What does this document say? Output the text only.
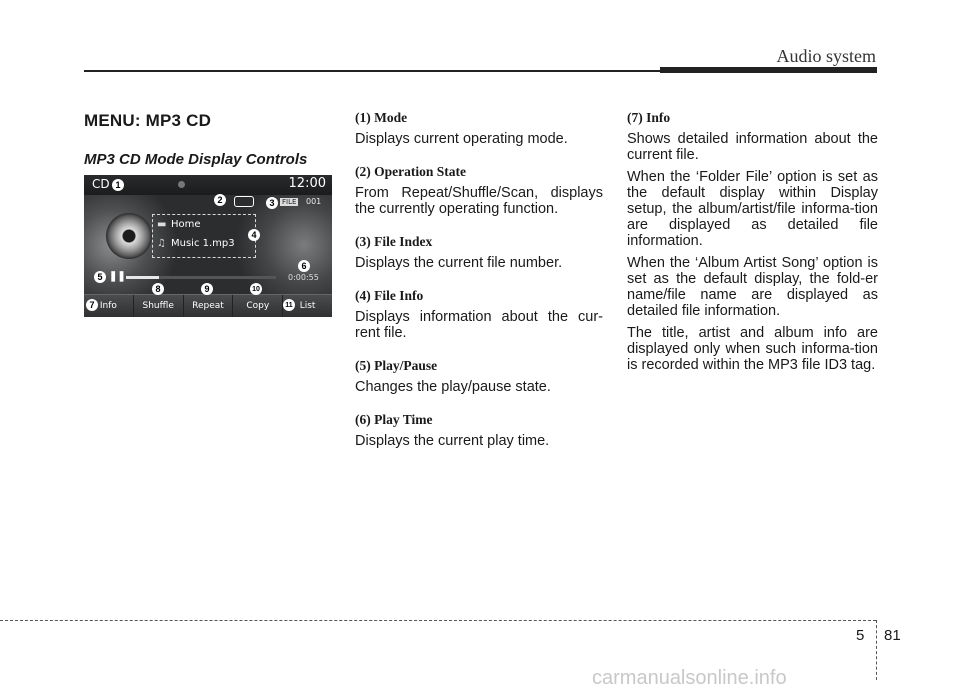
Audio system
MENU: MP3 CD
MP3 CD Mode Display Controls
CD	12:00
FILE 001
▬ Home
♫ Music 1.mp3
❚❚	0:00:55
Info	Shuffle	Repeat	Copy	List
1
2	3
4
5
6
7
8	9	10
11
(1) Mode

Displays current operating mode.

(2) Operation State

From Repeat/Shuffle/Scan, displays the currently operating function.

(3) File Index

Displays the current file number.

(4) File Info

Displays information about the cur-rent file.

(5) Play/Pause

Changes the play/pause state.

(6) Play Time

Displays the current play time.

(7) Info

Shows detailed information about the current file.

When the ‘Folder File’ option is set as the default display within Display setup, the album/artist/file informa-tion are displayed as detailed file information.

When the ‘Album Artist Song’ option is set as the default display, the fold-er name/file name are displayed as detailed file information.

The title, artist and album info are displayed only when such informa-tion is recorded within the MP3 file ID3 tag.

5 81
carmanualsonline.info
